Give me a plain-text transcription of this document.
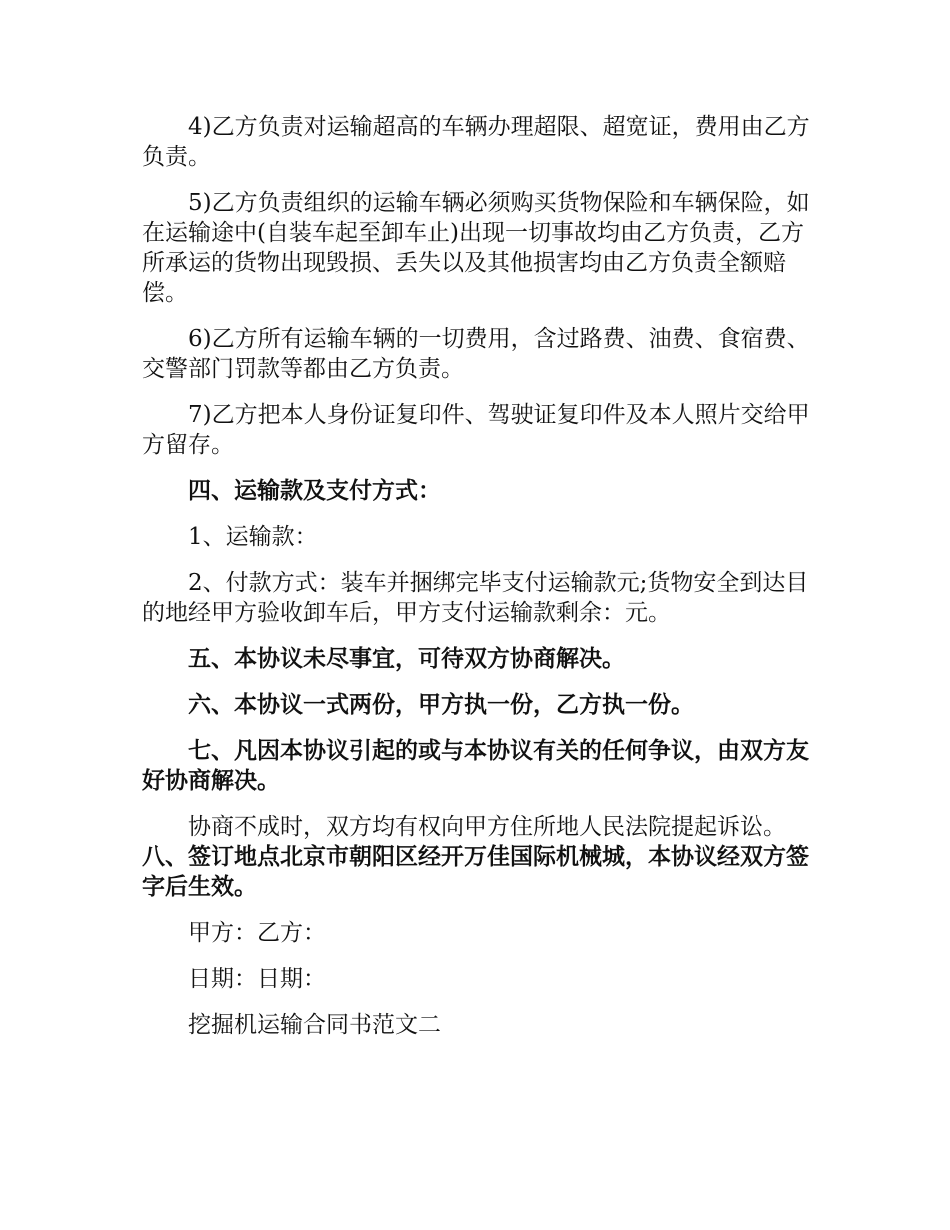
4)乙方负责对运输超高的车辆办理超限、超宽证，费用由乙方负责。

5)乙方负责组织的运输车辆必须购买货物保险和车辆保险，如在运输途中(自装车起至卸车止)出现一切事故均由乙方负责，乙方所承运的货物出现毁损、丢失以及其他损害均由乙方负责全额赔偿。

6)乙方所有运输车辆的一切费用，含过路费、油费、食宿费、交警部门罚款等都由乙方负责。

7)乙方把本人身份证复印件、驾驶证复印件及本人照片交给甲方留存。

四、运输款及支付方式：

1、运输款：

2、付款方式：装车并捆绑完毕支付运输款元;货物安全到达目的地经甲方验收卸车后，甲方支付运输款剩余：元。

五、本协议未尽事宜，可待双方协商解决。

六、本协议一式两份，甲方执一份，乙方执一份。

七、凡因本协议引起的或与本协议有关的任何争议，由双方友好协商解决。

协商不成时，双方均有权向甲方住所地人民法院提起诉讼。

八、签订地点北京市朝阳区经开万佳国际机械城，本协议经双方签字后生效。

甲方：乙方：

日期：日期：

挖掘机运输合同书范文二
